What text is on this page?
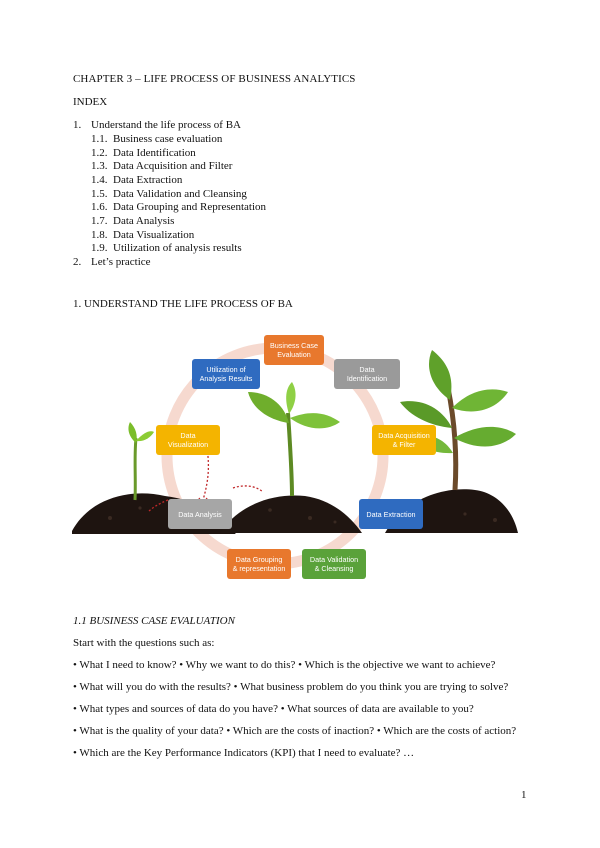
CHAPTER 3 – LIFE PROCESS OF BUSINESS ANALYTICS
INDEX
1. Understand the life process of BA
1.1. Business case evaluation
1.2. Data Identification
1.3. Data Acquisition and Filter
1.4. Data Extraction
1.5. Data Validation and Cleansing
1.6. Data Grouping and Representation
1.7. Data Analysis
1.8. Data Visualization
1.9. Utilization of analysis results
2. Let’s practice
1. UNDERSTAND THE LIFE PROCESS OF BA
Business Case
Evaluation
Data
Identification
Data Acquisition
& Filter
Data Extraction
Data Validation
& Cleansing
Data Grouping
& representation
Data Analysis
Data
Visualization
Utilization of
Analysis Results
1.1 BUSINESS CASE EVALUATION
Start with the questions such as:
• What I need to know? • Why we want to do this? • Which is the objective we want to achieve?
• What will you do with the results? • What business problem do you think you are trying to solve?
• What types and sources of data do you have? • What sources of data are available to you?
• What is the quality of your data? • Which are the costs of inaction? • Which are the costs of action?
• Which are the Key Performance Indicators (KPI) that I need to evaluate? …
1
